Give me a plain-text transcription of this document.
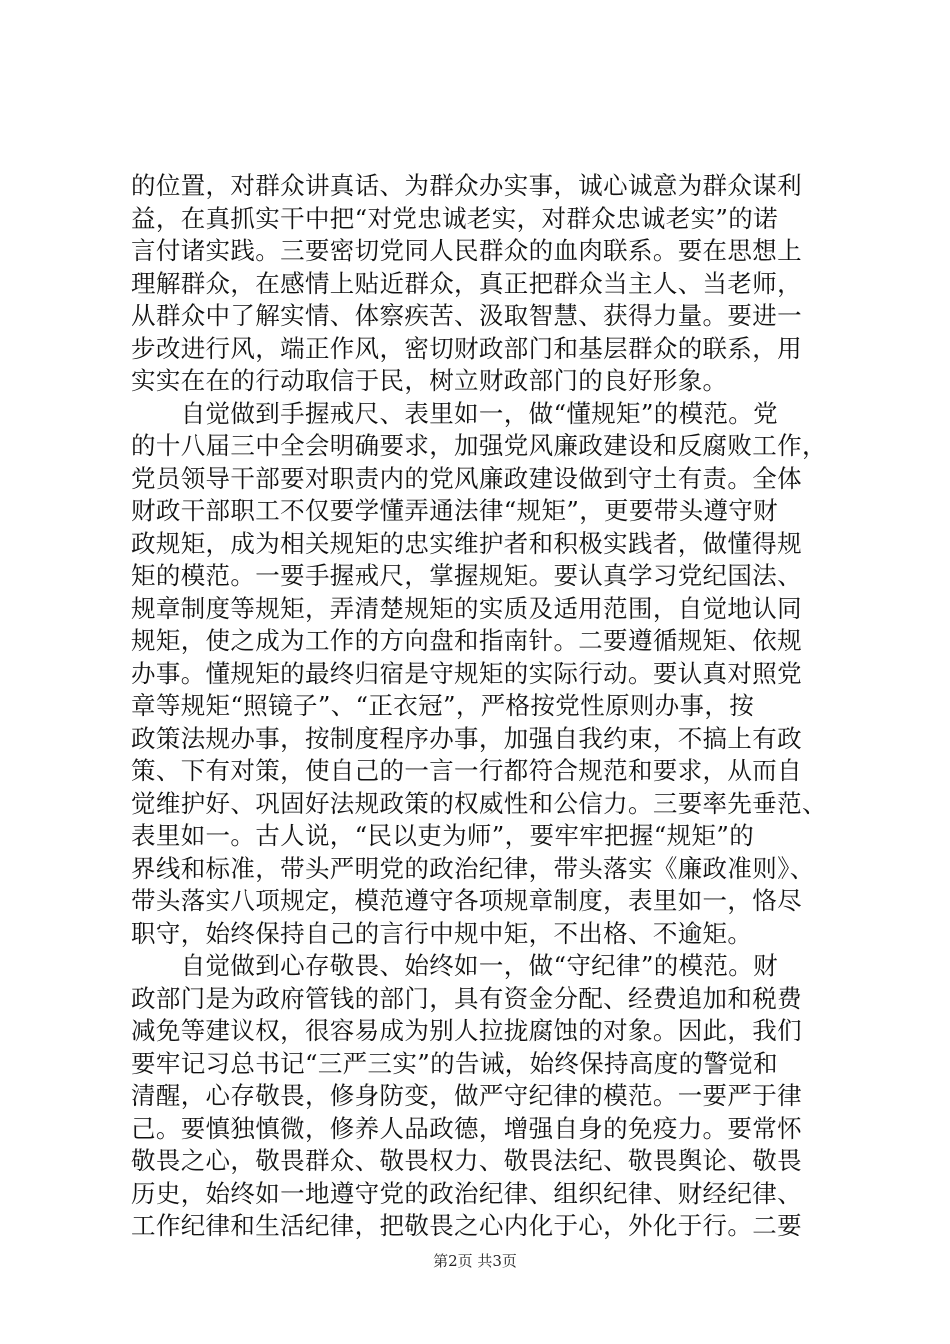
的位置，对群众讲真话、为群众办实事，诚心诚意为群众谋利
益，在真抓实干中把“对党忠诚老实，对群众忠诚老实”的诺
言付诸实践。三要密切党同人民群众的血肉联系。要在思想上
理解群众，在感情上贴近群众，真正把群众当主人、当老师，
从群众中了解实情、体察疾苦、汲取智慧、获得力量。要进一
步改进行风，端正作风，密切财政部门和基层群众的联系，用
实实在在的行动取信于民，树立财政部门的良好形象。
　　自觉做到手握戒尺、表里如一，做“懂规矩”的模范。党
的十八届三中全会明确要求，加强党风廉政建设和反腐败工作，
党员领导干部要对职责内的党风廉政建设做到守土有责。全体
财政干部职工不仅要学懂弄通法律“规矩”，更要带头遵守财
政规矩，成为相关规矩的忠实维护者和积极实践者，做懂得规
矩的模范。一要手握戒尺，掌握规矩。要认真学习党纪国法、
规章制度等规矩，弄清楚规矩的实质及适用范围，自觉地认同
规矩，使之成为工作的方向盘和指南针。二要遵循规矩、依规
办事。懂规矩的最终归宿是守规矩的实际行动。要认真对照党
章等规矩“照镜子”、“正衣冠”，严格按党性原则办事，按
政策法规办事，按制度程序办事，加强自我约束，不搞上有政
策、下有对策，使自己的一言一行都符合规范和要求，从而自
觉维护好、巩固好法规政策的权威性和公信力。三要率先垂范、
表里如一。古人说，“民以吏为师”，要牢牢把握“规矩”的
界线和标准，带头严明党的政治纪律，带头落实《廉政准则》、
带头落实八项规定，模范遵守各项规章制度，表里如一，恪尽
职守，始终保持自己的言行中规中矩，不出格、不逾矩。
　　自觉做到心存敬畏、始终如一，做“守纪律”的模范。财
政部门是为政府管钱的部门，具有资金分配、经费追加和税费
减免等建议权，很容易成为别人拉拢腐蚀的对象。因此，我们
要牢记习总书记“三严三实”的告诫，始终保持高度的警觉和
清醒，心存敬畏，修身防变，做严守纪律的模范。一要严于律
己。要慎独慎微，修养人品政德，增强自身的免疫力。要常怀
敬畏之心，敬畏群众、敬畏权力、敬畏法纪、敬畏舆论、敬畏
历史，始终如一地遵守党的政治纪律、组织纪律、财经纪律、
工作纪律和生活纪律，把敬畏之心内化于心，外化于行。二要
第2页 共3页
